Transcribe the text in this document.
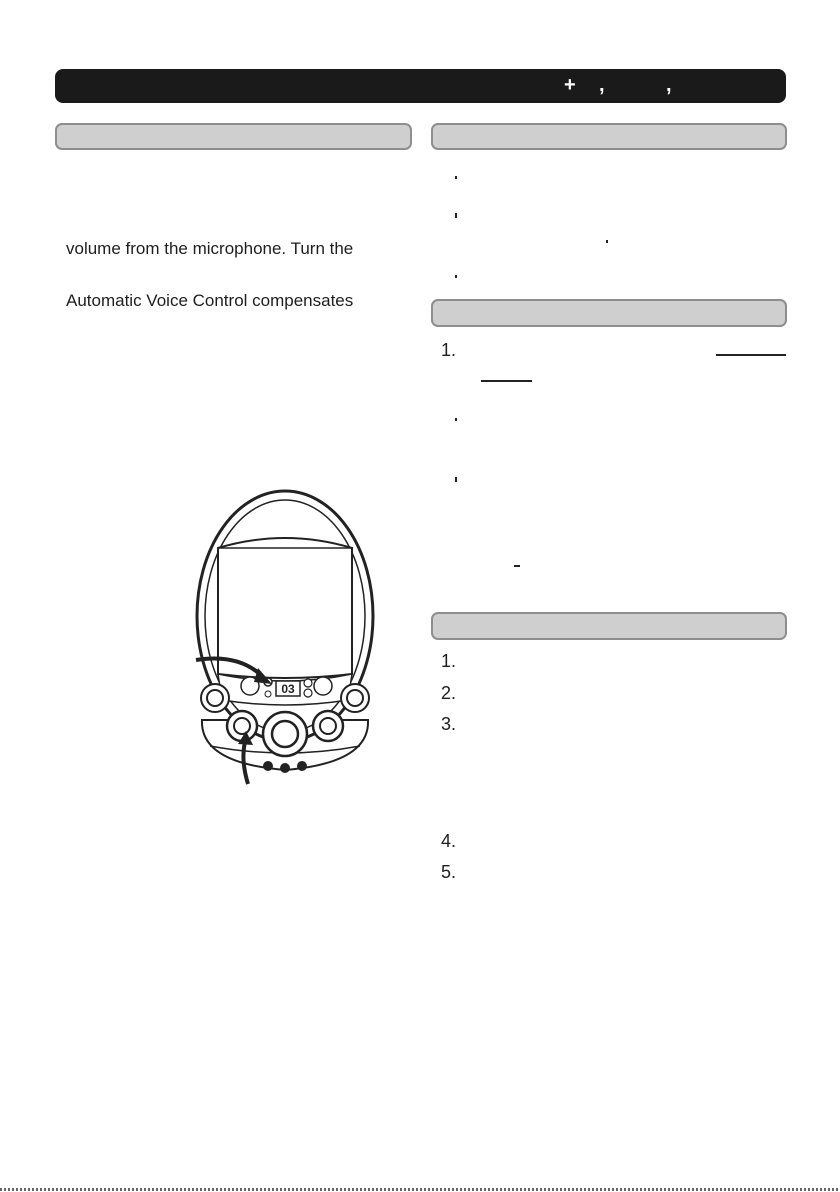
+ ,	,
volume from the microphone. Turn the
Automatic Voice Control compensates
1.
1.
2.
3.
4.
5.
03
